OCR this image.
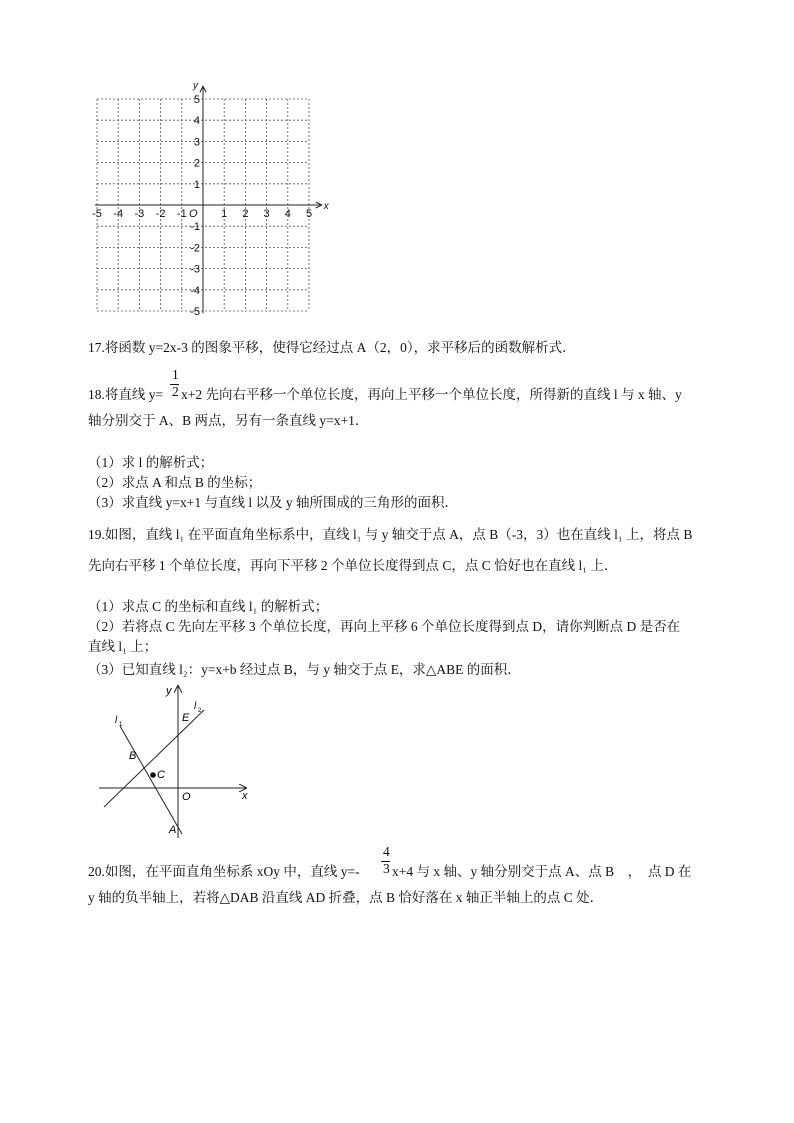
-5 -4 -3 -2 -1	1 2 3 4 5
5
4
3
2
1
-1
-2
-3
-4
-5
O
x
y
17.将函数 y=2x-3 的图象平移，使得它经过点 A（2，0），求平移后的函数解析式．
1
2
18.将直线 y= x+2 先向右平移一个单位长度，再向上平移一个单位长度，所得新的直线 l 与 x 轴、y
轴分别交于 A、B 两点，另有一条直线 y=x+1．
（1）求 l 的解析式；
（2）求点 A 和点 B 的坐标；
（3）求直线 y=x+1 与直线 l 以及 y 轴所围成的三角形的面积．
19.如图，直线 l₁ 在平面直角坐标系中，直线 l₁ 与 y 轴交于点 A，点 B（-3，3）也在直线 l₁ 上，将点 B
先向右平移 1 个单位长度，再向下平移 2 个单位长度得到点 C，点 C 恰好也在直线 l₁ 上．
（1）求点 C 的坐标和直线 l₁ 的解析式；
（2）若将点 C 先向左平移 3 个单位长度，再向上平移 6 个单位长度得到点 D，请你判断点 D 是否在
直线 l₁ 上；
（3）已知直线 l₂：y=x+b 经过点 B，与 y 轴交于点 E，求△ABE 的面积．
y
x
O
A
B
C
E
l 1
l 2
4
3
20.如图，在平面直角坐标系 xOy 中，直线 y=- x+4 与 x 轴、y 轴分别交于点 A、点 B　，　点 D 在
y 轴的负半轴上，若将△DAB 沿直线 AD 折叠，点 B 恰好落在 x 轴正半轴上的点 C 处．
